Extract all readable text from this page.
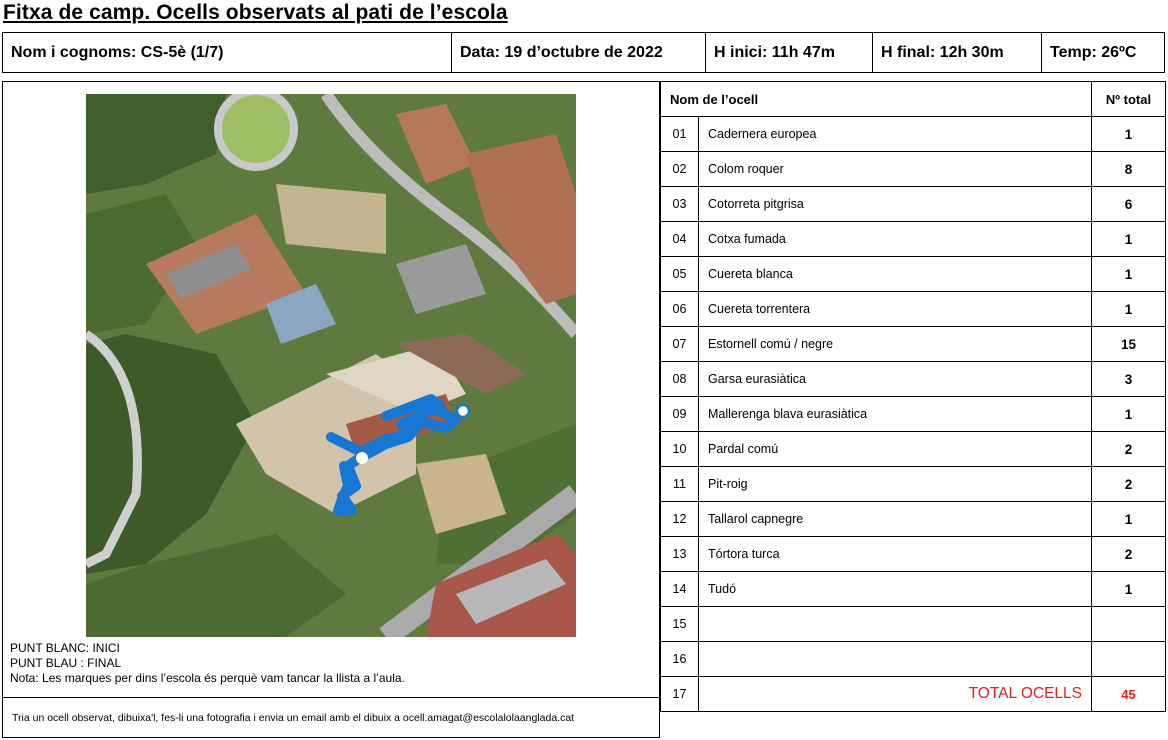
Fitxa de camp. Ocells observats al pati de l’escola
Nom i cognoms: CS-5è (1/7)	Data: 19 d’octubre de 2022	H inici: 11h 47m	H final: 12h 30m	Temp: 26ºC
PUNT BLANC: INICI
PUNT BLAU : FINAL
Nota: Les marques per dins l’escola és perquè vam tancar la llista a l’aula.
Tria un ocell observat, dibuixa'l, fes-li una fotografia i envia un email amb el dibuix a ocell.amagat@escolalolaanglada.cat
Nom de l’ocell		Nº total
01	Cadernera europea	1
02	Colom roquer	8
03	Cotorreta pitgrisa	6
04	Cotxa fumada	1
05	Cuereta blanca	1
06	Cuereta torrentera	1
07	Estornell comú / negre	15
08	Garsa eurasiàtica	3
09	Mallerenga blava eurasiàtica	1
10	Pardal comú	2
11	Pit-roig	2
12	Tallarol capnegre	1
13	Tórtora turca	2
14	Tudó	1
15		
16		
17	TOTAL OCELLS	45
